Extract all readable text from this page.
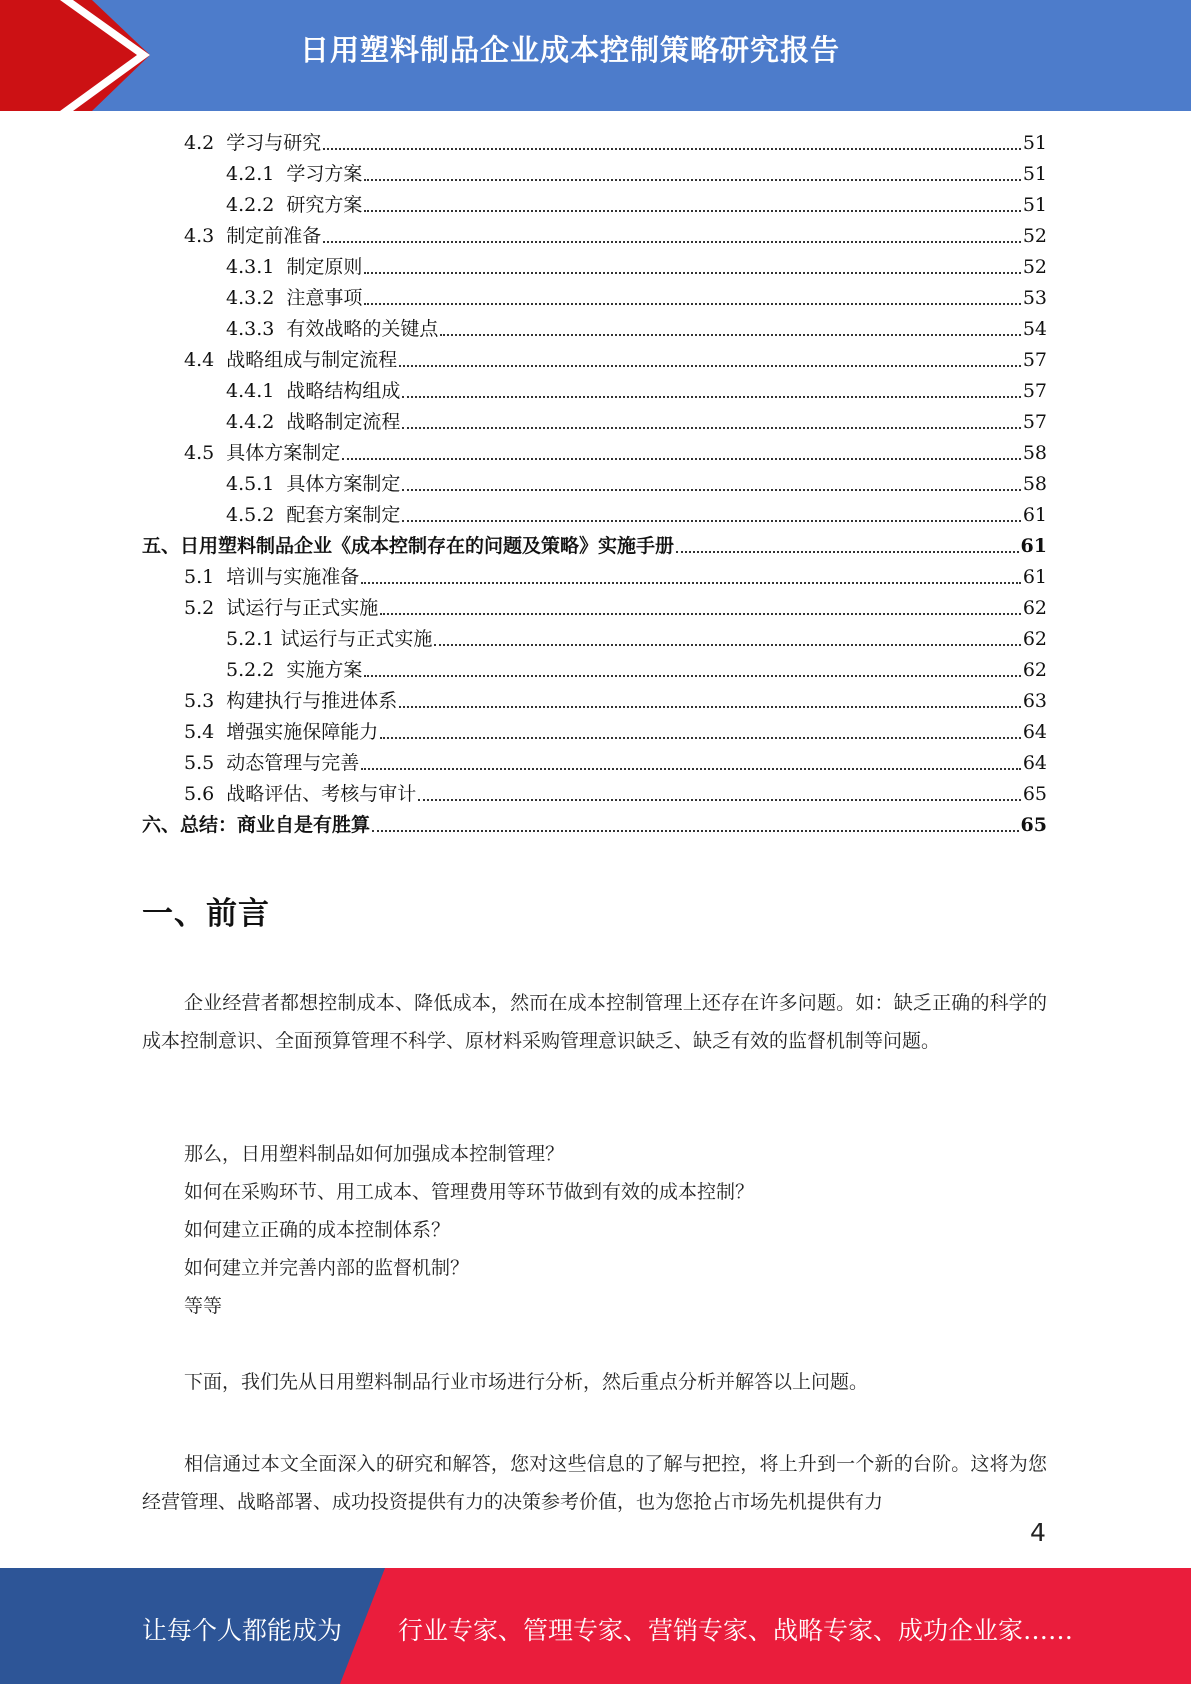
日用塑料制品企业成本控制策略研究报告
4.2  学习与研究	51
4.2.1  学习方案	51
4.2.2  研究方案	51
4.3  制定前准备	52
4.3.1  制定原则	52
4.3.2  注意事项	53
4.3.3  有效战略的关键点	54
4.4  战略组成与制定流程	57
4.4.1  战略结构组成	57
4.4.2  战略制定流程	57
4.5  具体方案制定	58
4.5.1  具体方案制定	58
4.5.2  配套方案制定	61
五、日用塑料制品企业《成本控制存在的问题及策略》实施手册	61
5.1  培训与实施准备	61
5.2  试运行与正式实施	62
5.2.1 试运行与正式实施	62
5.2.2  实施方案	62
5.3  构建执行与推进体系	63
5.4  增强实施保障能力	64
5.5  动态管理与完善	64
5.6  战略评估、考核与审计	65
六、总结：商业自是有胜算	65
一、前言
企业经营者都想控制成本、降低成本，然而在成本控制管理上还存在许多问题。如：缺乏正确的科学的成本控制意识、全面预算管理不科学、原材料采购管理意识缺乏、缺乏有效的监督机制等问题。
那么，日用塑料制品如何加强成本控制管理？
如何在采购环节、用工成本、管理费用等环节做到有效的成本控制？
如何建立正确的成本控制体系？
如何建立并完善内部的监督机制？
等等
下面，我们先从日用塑料制品行业市场进行分析，然后重点分析并解答以上问题。
相信通过本文全面深入的研究和解答，您对这些信息的了解与把控，将上升到一个新的台阶。这将为您经营管理、战略部署、成功投资提供有力的决策参考价值，也为您抢占市场先机提供有力
4
让每个人都能成为 行业专家、管理专家、营销专家、战略专家、成功企业家……
